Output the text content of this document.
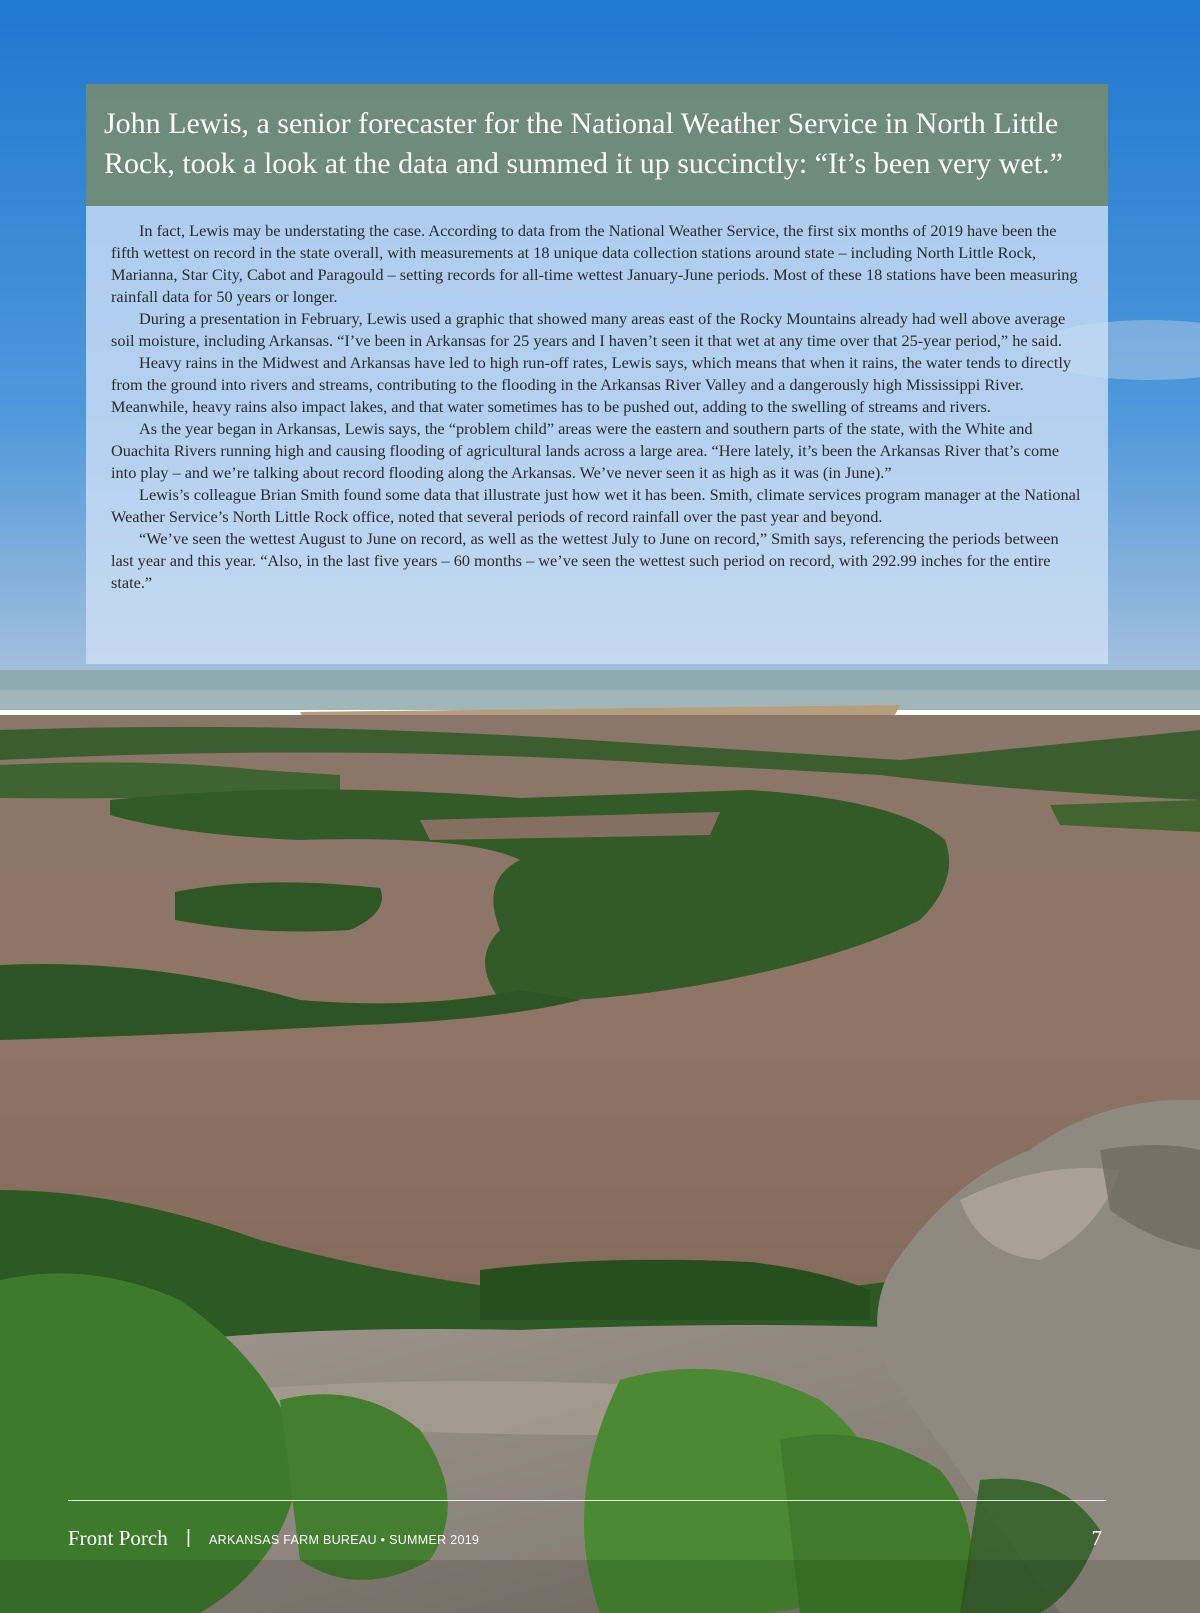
John Lewis, a senior forecaster for the National Weather Service in North Little Rock, took a look at the data and summed it up succinctly: “It’s been very wet.”

In fact, Lewis may be understating the case. According to data from the National Weather Service, the first six months of 2019 have been the fifth wettest on record in the state overall, with measurements at 18 unique data collection stations around state – including North Little Rock, Marianna, Star City, Cabot and Paragould – setting records for all-time wettest January-June periods. Most of these 18 stations have been measuring rainfall data for 50 years or longer.

During a presentation in February, Lewis used a graphic that showed many areas east of the Rocky Mountains already had well above average soil moisture, including Arkansas. “I’ve been in Arkansas for 25 years and I haven’t seen it that wet at any time over that 25-year period,” he said.

Heavy rains in the Midwest and Arkansas have led to high run-off rates, Lewis says, which means that when it rains, the water tends to directly from the ground into rivers and streams, contributing to the flooding in the Arkansas River Valley and a dangerously high Mississippi River. Meanwhile, heavy rains also impact lakes, and that water sometimes has to be pushed out, adding to the swelling of streams and rivers.

As the year began in Arkansas, Lewis says, the “problem child” areas were the eastern and southern parts of the state, with the White and Ouachita Rivers running high and causing flooding of agricultural lands across a large area. “Here lately, it’s been the Arkansas River that’s come into play – and we’re talking about record flooding along the Arkansas. We’ve never seen it as high as it was (in June).”

Lewis’s colleague Brian Smith found some data that illustrate just how wet it has been. Smith, climate services program manager at the National Weather Service’s North Little Rock office, noted that several periods of record rainfall over the past year and beyond.

“We’ve seen the wettest August to June on record, as well as the wettest July to June on record,” Smith says, referencing the periods between last year and this year. “Also, in the last five years – 60 months – we’ve seen the wettest such period on record, with 292.99 inches for the entire state.”

Front Porch | ARKANSAS FARM BUREAU • SUMMER 2019	7
